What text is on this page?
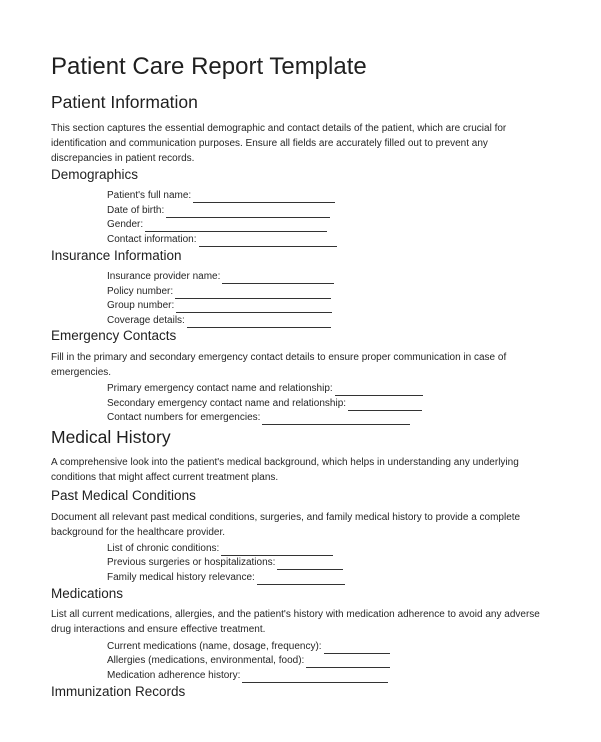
Patient Care Report Template
Patient Information
This section captures the essential demographic and contact details of the patient, which are crucial for identification and communication purposes. Ensure all fields are accurately filled out to prevent any discrepancies in patient records.
Demographics
Patient's full name:
Date of birth:
Gender:
Contact information:
Insurance Information
Insurance provider name:
Policy number:
Group number:
Coverage details:
Emergency Contacts
Fill in the primary and secondary emergency contact details to ensure proper communication in case of emergencies.
Primary emergency contact name and relationship:
Secondary emergency contact name and relationship:
Contact numbers for emergencies:
Medical History
A comprehensive look into the patient's medical background, which helps in understanding any underlying conditions that might affect current treatment plans.
Past Medical Conditions
Document all relevant past medical conditions, surgeries, and family medical history to provide a complete background for the healthcare provider.
List of chronic conditions:
Previous surgeries or hospitalizations:
Family medical history relevance:
Medications
List all current medications, allergies, and the patient's history with medication adherence to avoid any adverse drug interactions and ensure effective treatment.
Current medications (name, dosage, frequency):
Allergies (medications, environmental, food):
Medication adherence history:
Immunization Records
